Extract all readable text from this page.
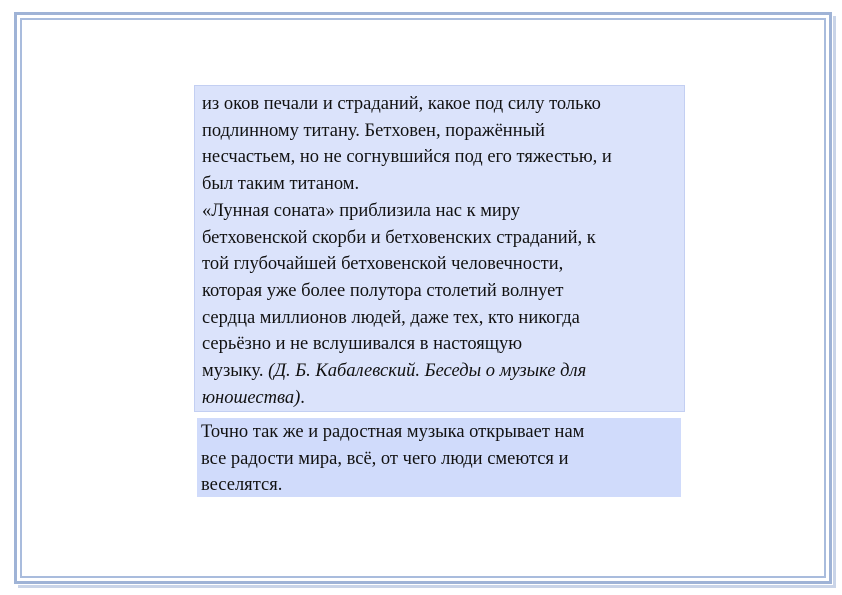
из оков печали и страданий, какое под силу только
подлинному титану. Бетховен, поражённый
несчастьем, но не согнувшийся под его тяжестью, и
был таким титаном.
«Лунная соната» приблизила нас к миру
бетховенской скорби и бетховенских страданий, к
той глубочайшей бетховенской человечности,
которая уже более полутора столетий волнует
сердца миллионов людей, даже тех, кто никогда
серьёзно и не вслушивался в настоящую
музыку. (Д. Б. Кабалевский. Беседы о музыке для
юношества).
Точно так же и радостная музыка открывает нам
все радости мира, всё, от чего люди смеются и
веселятся.
